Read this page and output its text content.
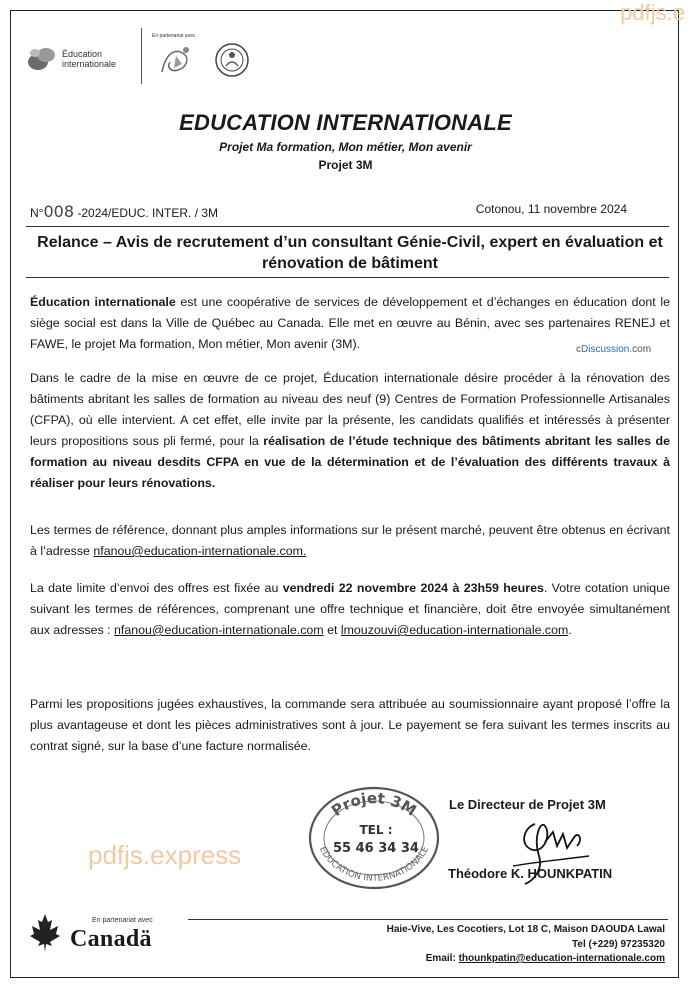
pdfjs.e
Éducation
internationale
En partenariat avec
EDUCATION INTERNATIONALE
Projet Ma formation, Mon métier, Mon avenir
Projet 3M
N°008 -2024/EDUC. INTER. / 3M	Cotonou, 11 novembre 2024
Relance – Avis de recrutement d’un consultant Génie-Civil, expert en évaluation et rénovation de bâtiment
Éducation internationale est une coopérative de services de développement et d’échanges en éducation dont le siège social est dans la Ville de Québec au Canada. Elle met en œuvre au Bénin, avec ses partenaires RENEJ et FAWE, le projet Ma formation, Mon métier, Mon avenir (3M).	cDiscussion.com
Dans le cadre de la mise en œuvre de ce projet, Éducation internationale désire procéder à la rénovation des bâtiments abritant les salles de formation au niveau des neuf (9) Centres de Formation Professionnelle Artisanales (CFPA), où elle intervient. A cet effet, elle invite par la présente, les candidats qualifiés et intéressés à présenter leurs propositions sous pli fermé, pour la réalisation de l’étude technique des bâtiments abritant les salles de formation au niveau desdits CFPA en vue de la détermination et de l’évaluation des différents travaux à réaliser pour leurs rénovations.
Les termes de référence, donnant plus amples informations sur le présent marché, peuvent être obtenus en écrivant à l’adresse nfanou@education-internationale.com.
La date limite d’envoi des offres est fixée au vendredi 22 novembre 2024 à 23h59 heures. Votre cotation unique suivant les termes de références, comprenant une offre technique et financière, doit être envoyée simultanément aux adresses : nfanou@education-internationale.com et lmouzouvi@education-internationale.com.
Parmi les propositions jugées exhaustives, la commande sera attribuée au soumissionnaire ayant proposé l’offre la plus avantageuse et dont les pièces administratives sont à jour. Le payement se fera suivant les termes inscrits au contrat signé, sur la base d’une facture normalisée.
Projet 3M
EDUCATION INTERNATIONALE
TEL :
55 46 34 34
Le Directeur de Projet 3M
Théodore K. HOUNKPATIN
pdfjs.express
En partenariat avec
Canadä	Haie-Vive, Les Cocotiers, Lot 18 C, Maison DAOUDA Lawal
Tel (+229) 97235320
Email: thounkpatin@education-internationale.com
